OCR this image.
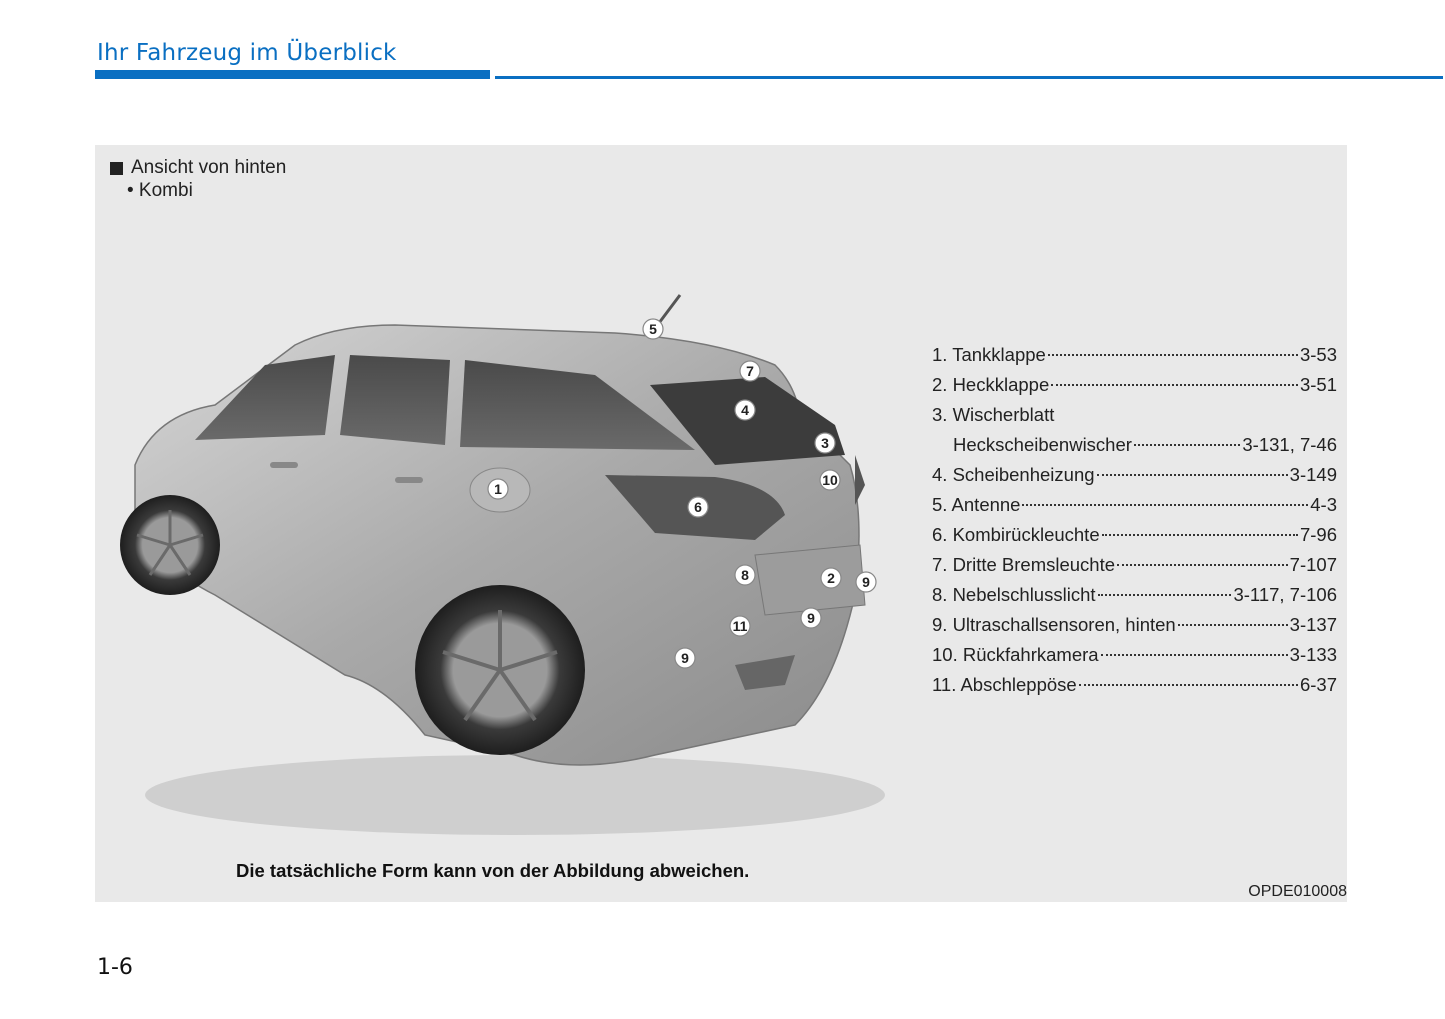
Ihr Fahrzeug im Überblick
Ansicht von hinten
• Kombi
1
5
7
4
3
10
6
8	2 9
9
11
9
1. Tankklappe	3-53
2. Heckklappe	3-51
3. Wischerblatt
Heckscheibenwischer	3-131, 7-46
4. Scheibenheizung	3-149
5. Antenne	4-3
6. Kombirückleuchte	7-96
7. Dritte Bremsleuchte	7-107
8. Nebelschlusslicht	3-117, 7-106
9. Ultraschallsensoren, hinten	3-137
10. Rückfahrkamera	3-133
11. Abschleppöse	6-37
Die tatsächliche Form kann von der Abbildung abweichen.
OPDE010008
1-6
